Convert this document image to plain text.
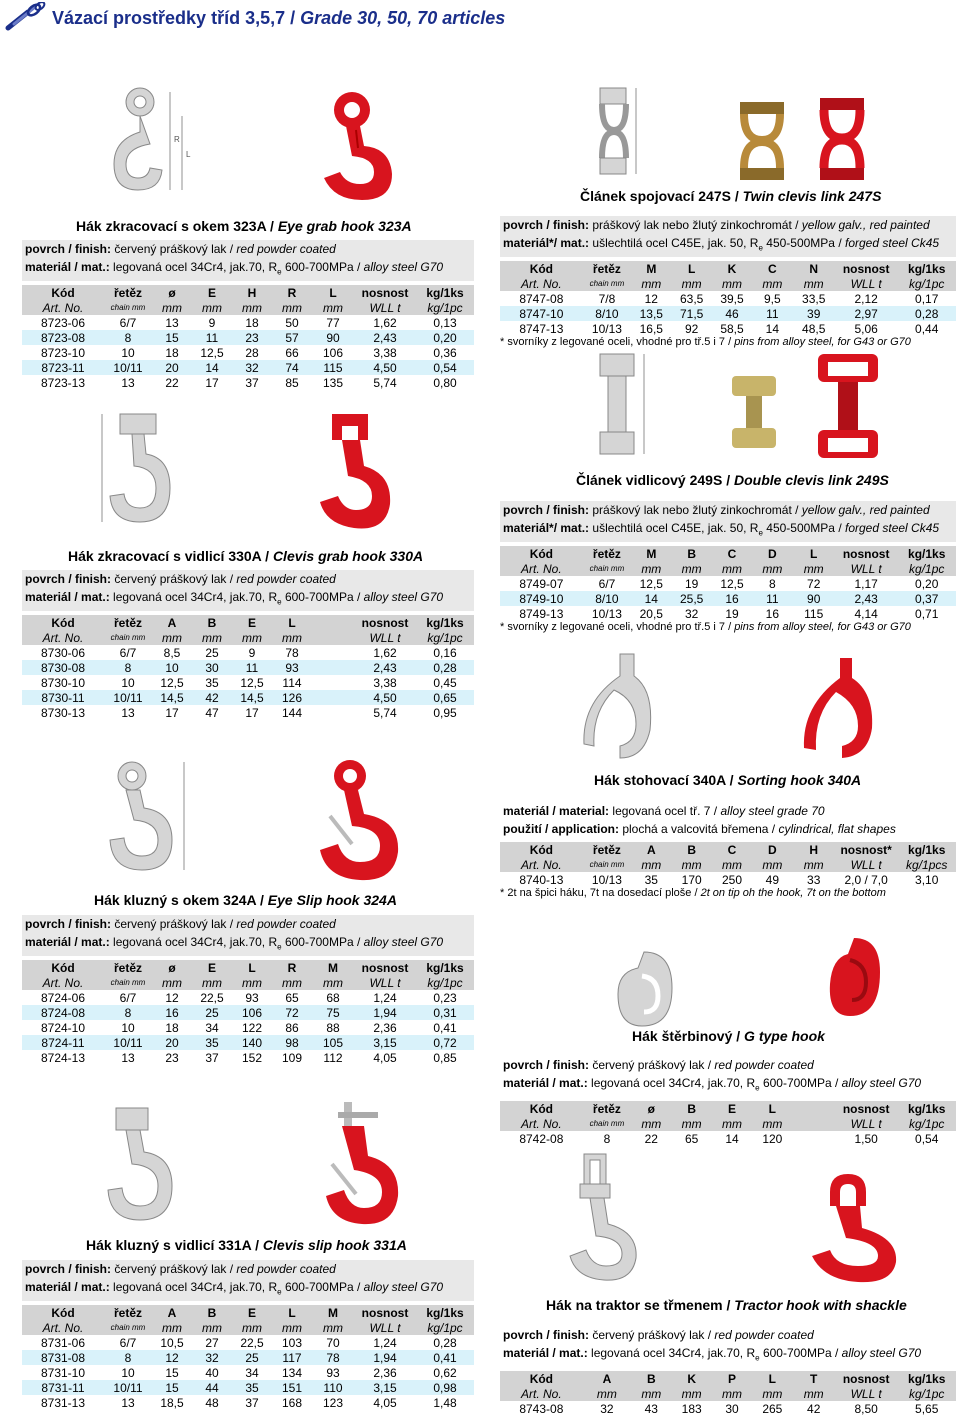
Vázací prostředky tříd 3,5,7 / Grade 30, 50, 70 articles
R
L
Hák zkracovací s okem 323A / Eye grab hook 323A
povrch / finish: červený práškový lak / red powder coated
materiál / mat.: legovaná ocel 34Cr4, jak.70, $R_e$ 600-700MPa / alloy steel G70
Kód	řetěz	ø	E	H	R	L	nosnost	kg/1ks
Art. No.	chain mm	mm	mm	mm	mm	mm	WLL t	kg/1pc
8723-06	6/7	13	9	18	50	77	1,62	0,13
8723-08	8	15	11	23	57	90	2,43	0,20
8723-10	10	18	12,5	28	66	106	3,38	0,36
8723-11	10/11	20	14	32	74	115	4,50	0,54
8723-13	13	22	17	37	85	135	5,74	0,80
Článek spojovací 247S / Twin clevis link 247S
povrch / finish: práškový lak nebo žlutý zinkochromát / yellow galv., red painted
materiál*/ mat.: ušlechtilá ocel C45E, jak. 50, $R_e$ 450-500MPa / forged steel Ck45
Kód	řetěz	M	L	K	C	N	nosnost	kg/1ks
Art. No.	chain mm	mm	mm	mm	mm	mm	WLL t	kg/1pc
8747-08	7/8	12	63,5	39,5	9,5	33,5	2,12	0,17
8747-10	8/10	13,5	71,5	46	11	39	2,97	0,28
8747-13	10/13	16,5	92	58,5	14	48,5	5,06	0,44
* svorníky z legované oceli, vhodné pro tř.5 i 7 / pins from alloy steel, for G43 or G70
Hák zkracovací s vidlicí 330A / Clevis grab hook 330A
povrch / finish: červený práškový lak / red powder coated
materiál / mat.: legovaná ocel 34Cr4, jak.70, $R_e$ 600-700MPa / alloy steel G70
Kód	řetěz	A	B	E	L		nosnost	kg/1ks
Art. No.	chain mm	mm	mm	mm	mm		WLL t	kg/1pc
8730-06	6/7	8,5	25	9	78		1,62	0,16
8730-08	8	10	30	11	93		2,43	0,28
8730-10	10	12,5	35	12,5	114		3,38	0,45
8730-11	10/11	14,5	42	14,5	126		4,50	0,65
8730-13	13	17	47	17	144		5,74	0,95
Článek vidlicový 249S / Double clevis link 249S
povrch / finish: práškový lak nebo žlutý zinkochromát / yellow galv., red painted
materiál*/ mat.: ušlechtilá ocel C45E, jak. 50, $R_e$ 450-500MPa / forged steel Ck45
Kód	řetěz	M	B	C	D	L	nosnost	kg/1ks
Art. No.	chain mm	mm	mm	mm	mm	mm	WLL t	kg/1pc
8749-07	6/7	12,5	19	12,5	8	72	1,17	0,20
8749-10	8/10	14	25,5	16	11	90	2,43	0,37
8749-13	10/13	20,5	32	19	16	115	4,14	0,71
* svorníky z legované oceli, vhodné pro tř.5 i 7 / pins from alloy steel, for G43 or G70
Hák stohovací 340A / Sorting hook 340A
materiál / material: legovaná ocel tř. 7 / alloy steel grade 70
použití / application: plochá a valcovitá břemena / cylindrical, flat shapes
Kód	řetěz	A	B	C	D	H	nosnost*	kg/1ks
Art. No.	chain mm	mm	mm	mm	mm	mm	WLL t	kg/1pcs
8740-13	10/13	35	170	250	49	33	2,0 / 7,0	3,10
* 2t na špici háku, 7t na dosedací ploše / 2t on tip oh the hook, 7t on the bottom
Hák kluzný s okem 324A / Eye Slip hook 324A
povrch / finish: červený práškový lak / red powder coated
materiál / mat.: legovaná ocel 34Cr4, jak.70, $R_e$ 600-700MPa / alloy steel G70
Kód	řetěz	ø	E	L	R	M	nosnost	kg/1ks
Art. No.	chain mm	mm	mm	mm	mm	mm	WLL t	kg/1pc
8724-06	6/7	12	22,5	93	65	68	1,24	0,23
8724-08	8	16	25	106	72	75	1,94	0,31
8724-10	10	18	34	122	86	88	2,36	0,41
8724-11	10/11	20	35	140	98	105	3,15	0,72
8724-13	13	23	37	152	109	112	4,05	0,85
Hák štěrbinový / G type hook
povrch / finish: červený práškový lak / red powder coated
materiál / mat.: legovaná ocel 34Cr4, jak.70, $R_e$ 600-700MPa / alloy steel G70
Kód	řetěz	ø	B	E	L		nosnost	kg/1ks
Art. No.	chain mm	mm	mm	mm	mm		WLL t	kg/1pc
8742-08	8	22	65	14	120		1,50	0,54
Hák kluzný s vidlicí 331A / Clevis slip hook 331A
povrch / finish: červený práškový lak / red powder coated
materiál / mat.: legovaná ocel 34Cr4, jak.70, $R_e$ 600-700MPa / alloy steel G70
Kód	řetěz	A	B	E	L	M	nosnost	kg/1ks
Art. No.	chain mm	mm	mm	mm	mm	mm	WLL t	kg/1pc
8731-06	6/7	10,5	27	22,5	103	70	1,24	0,28
8731-08	8	12	32	25	117	78	1,94	0,41
8731-10	10	15	40	34	134	93	2,36	0,62
8731-11	10/11	15	44	35	151	110	3,15	0,98
8731-13	13	18,5	48	37	168	123	4,05	1,48
Hák na traktor se třmenem / Tractor hook with shackle
povrch / finish: červený práškový lak / red powder coated
materiál / mat.: legovaná ocel 34Cr4, jak.70, $R_e$ 600-700MPa / alloy steel G70
Kód	A	B	K	P	L	T	nosnost	kg/1ks
Art. No.	mm	mm	mm	mm	mm	mm	WLL t	kg/1pc
8743-08	32	43	183	30	265	42	8,50	5,65
